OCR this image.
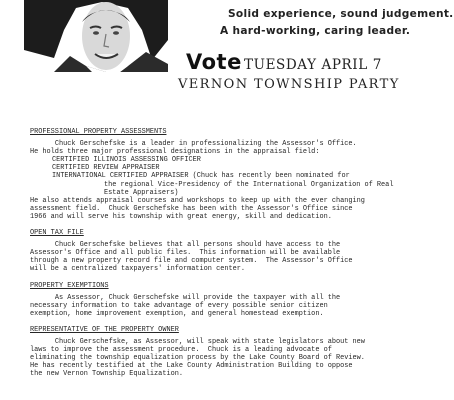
Solid experience, sound judgement.
A hard-working, caring leader.
Vote TUESDAY APRIL 7
VERNON TOWNSHIP PARTY

PROFESSIONAL PROPERTY ASSESSMENTS

Chuck Gerschefske is a leader in professionalizing the Assessor's Office.
He holds three major professional designations in the appraisal field:

CERTIFIED ILLINOIS ASSESSING OFFICER

CERTIFIED REVIEW APPRAISER

INTERNATIONAL CERTIFIED APPRAISER (Chuck has recently been nominated for

the regional Vice-Presidency of the International Organization of Real
Estate Appraisers)

He also attends appraisal courses and workshops to keep up with the ever changing
assessment field.  Chuck Gerschefske has been with the Assessor's Office since
1966 and will serve his township with great energy, skill and dedication.

OPEN TAX FILE

Chuck Gerschefske believes that all persons should have access to the
Assessor's Office and all public files.  This information will be available
through a new property record file and computer system.  The Assessor's Office
will be a centralized taxpayers' information center.

PROPERTY EXEMPTIONS

As Assessor, Chuck Gerschefske will provide the taxpayer with all the
necessary information to take advantage of every possible senior citizen
exemption, home improvement exemption, and general homestead exemption.

REPRESENTATIVE OF THE PROPERTY OWNER

Chuck Gerschefske, as Assessor, will speak with state legislators about new
laws to improve the assessment procedure.  Chuck is a leading advocate of
eliminating the township equalization process by the Lake County Board of Review.
He has recently testified at the Lake County Administration Building to oppose
the new Vernon Township Equalization.
